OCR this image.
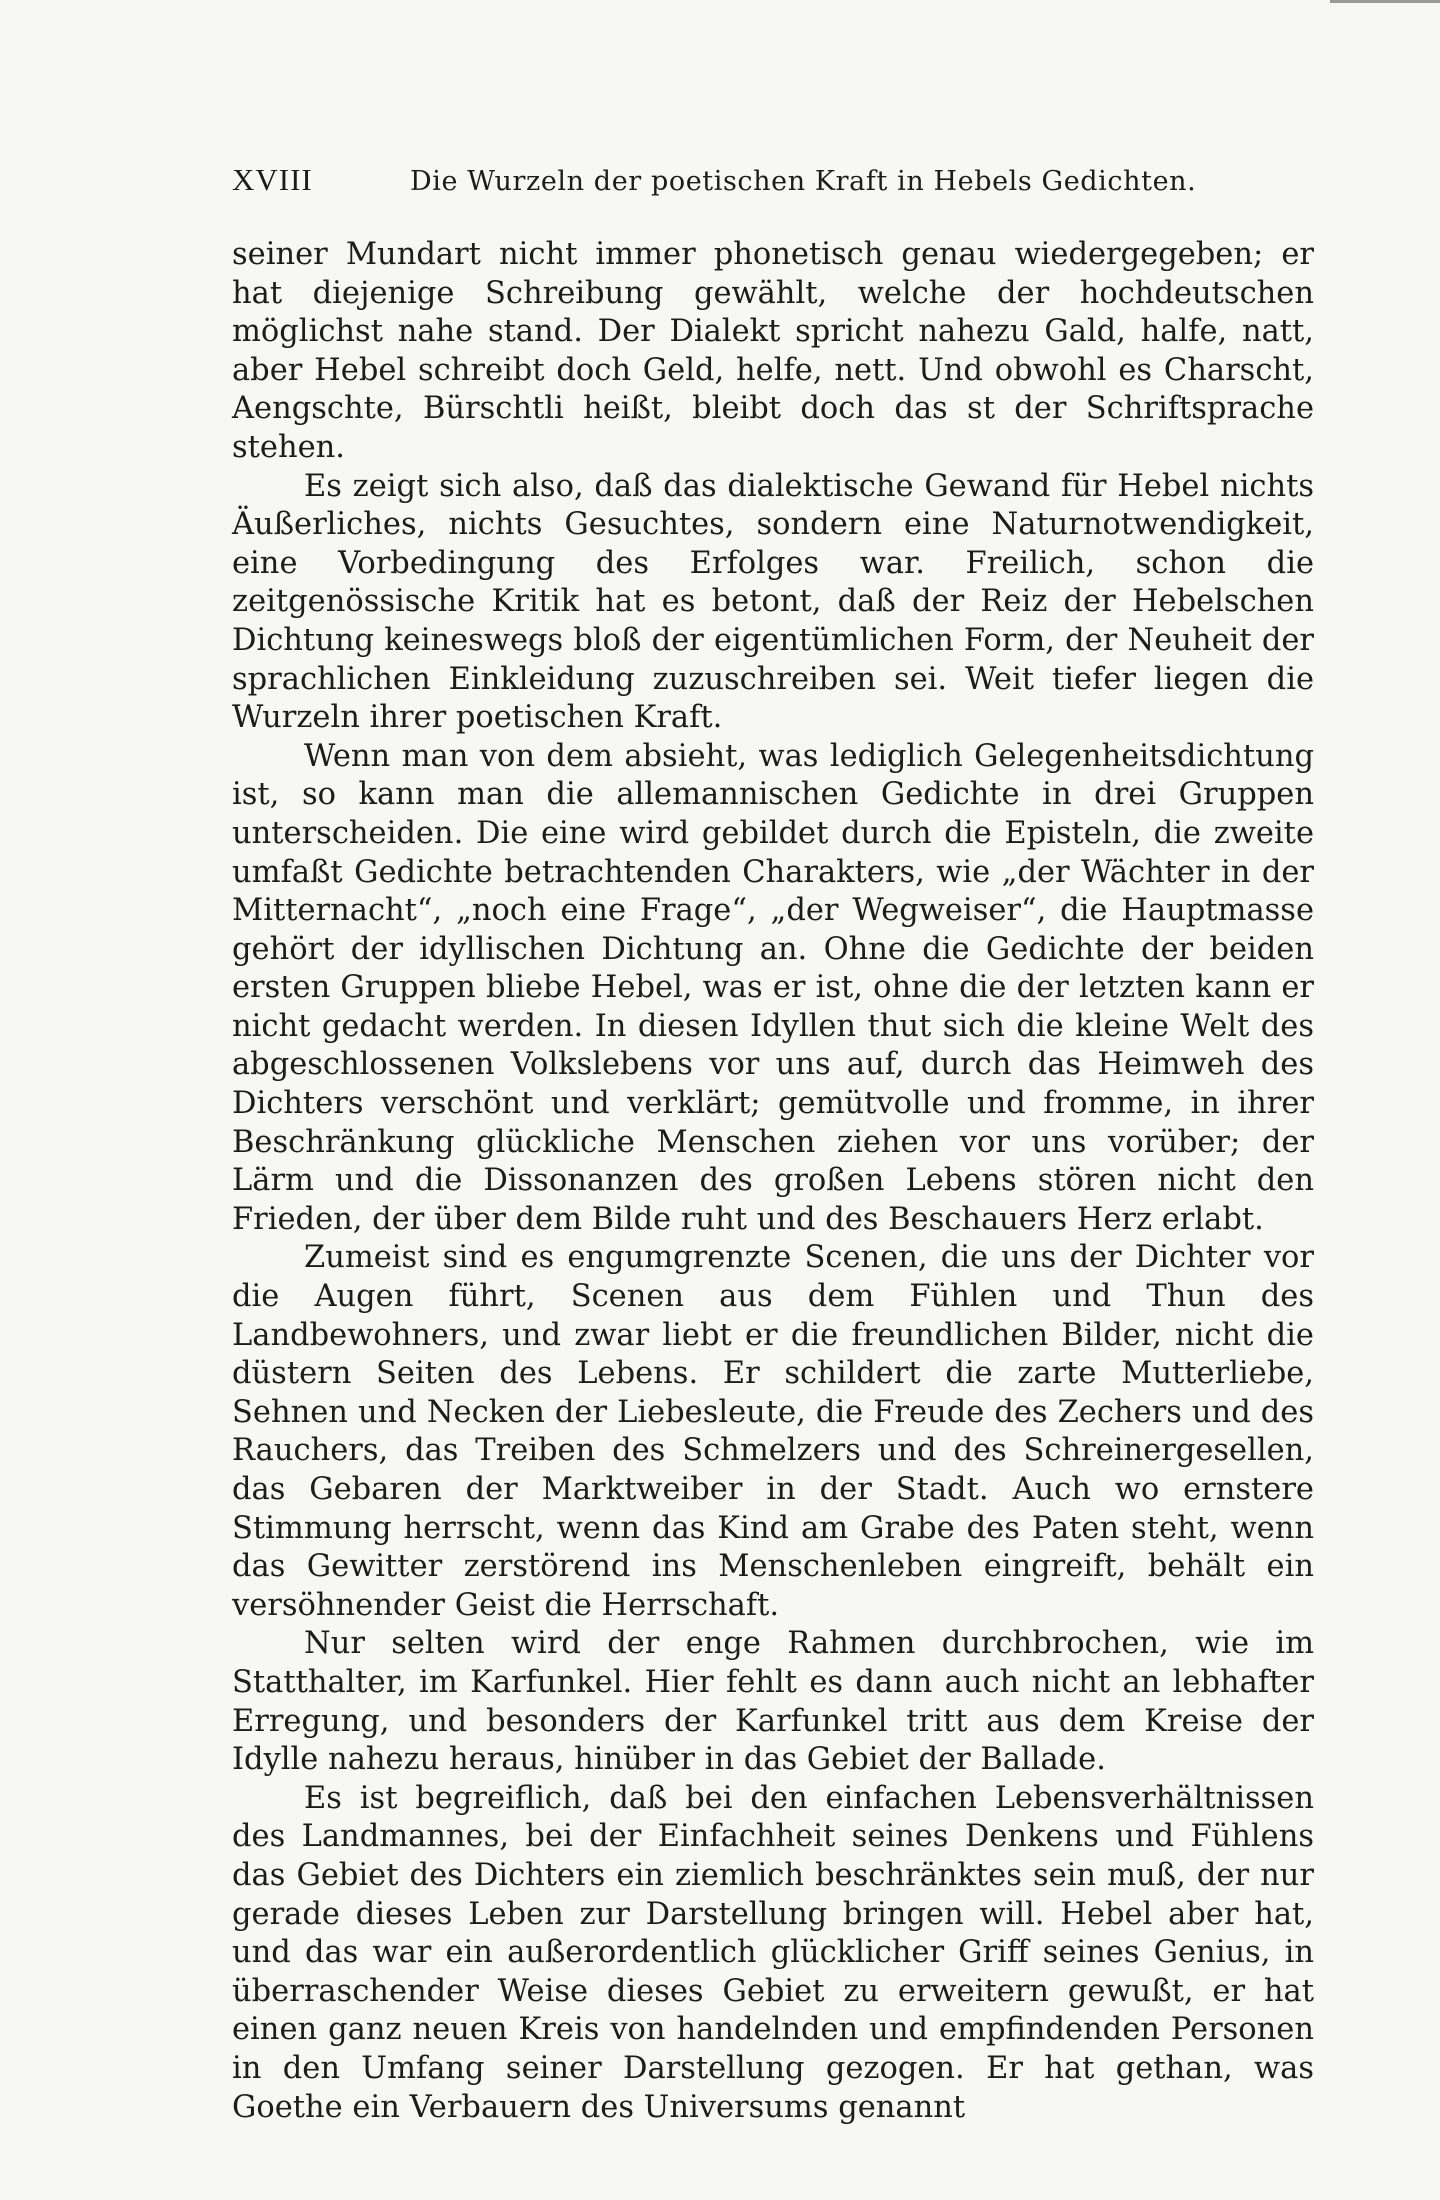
XVIII	Die Wurzeln der poetischen Kraft in Hebels Gedichten.

seiner Mundart nicht immer phonetisch genau wiedergegeben; er hat diejenige Schreibung gewählt, welche der hochdeutschen möglichst nahe stand. Der Dialekt spricht nahezu Gald, halfe, natt, aber Hebel schreibt doch Geld, helfe, nett. Und obwohl es Charscht, Aengschte, Bürschtli heißt, bleibt doch das st der Schriftsprache stehen.

Es zeigt sich also, daß das dialektische Gewand für Hebel nichts Äußerliches, nichts Gesuchtes, sondern eine Naturnotwendigkeit, eine Vorbedingung des Erfolges war. Freilich, schon die zeitgenössische Kritik hat es betont, daß der Reiz der Hebelschen Dichtung keineswegs bloß der eigentümlichen Form, der Neuheit der sprachlichen Einkleidung zuzuschreiben sei. Weit tiefer liegen die Wurzeln ihrer poetischen Kraft.

Wenn man von dem absieht, was lediglich Gelegenheitsdichtung ist, so kann man die allemannischen Gedichte in drei Gruppen unterscheiden. Die eine wird gebildet durch die Episteln, die zweite umfaßt Gedichte betrachtenden Charakters, wie „der Wächter in der Mitternacht“, „noch eine Frage“, „der Wegweiser“, die Hauptmasse gehört der idyllischen Dichtung an. Ohne die Gedichte der beiden ersten Gruppen bliebe Hebel, was er ist, ohne die der letzten kann er nicht gedacht werden. In diesen Idyllen thut sich die kleine Welt des abgeschlossenen Volkslebens vor uns auf, durch das Heimweh des Dichters verschönt und verklärt; gemütvolle und fromme, in ihrer Beschränkung glückliche Menschen ziehen vor uns vorüber; der Lärm und die Dissonanzen des großen Lebens stören nicht den Frieden, der über dem Bilde ruht und des Beschauers Herz erlabt.

Zumeist sind es engumgrenzte Scenen, die uns der Dichter vor die Augen führt, Scenen aus dem Fühlen und Thun des Landbewohners, und zwar liebt er die freundlichen Bilder, nicht die düstern Seiten des Lebens. Er schildert die zarte Mutterliebe, Sehnen und Necken der Liebesleute, die Freude des Zechers und des Rauchers, das Treiben des Schmelzers und des Schreinergesellen, das Gebaren der Marktweiber in der Stadt. Auch wo ernstere Stimmung herrscht, wenn das Kind am Grabe des Paten steht, wenn das Gewitter zerstörend ins Menschenleben eingreift, behält ein versöhnender Geist die Herrschaft.

Nur selten wird der enge Rahmen durchbrochen, wie im Statthalter, im Karfunkel. Hier fehlt es dann auch nicht an lebhafter Erregung, und besonders der Karfunkel tritt aus dem Kreise der Idylle nahezu heraus, hinüber in das Gebiet der Ballade.

Es ist begreiflich, daß bei den einfachen Lebensverhältnissen des Landmannes, bei der Einfachheit seines Denkens und Fühlens das Gebiet des Dichters ein ziemlich beschränktes sein muß, der nur gerade dieses Leben zur Darstellung bringen will. Hebel aber hat, und das war ein außerordentlich glücklicher Griff seines Genius, in überraschender Weise dieses Gebiet zu erweitern gewußt, er hat einen ganz neuen Kreis von handelnden und empfindenden Personen in den Umfang seiner Darstellung gezogen. Er hat gethan, was Goethe ein Verbauern des Universums genannt
